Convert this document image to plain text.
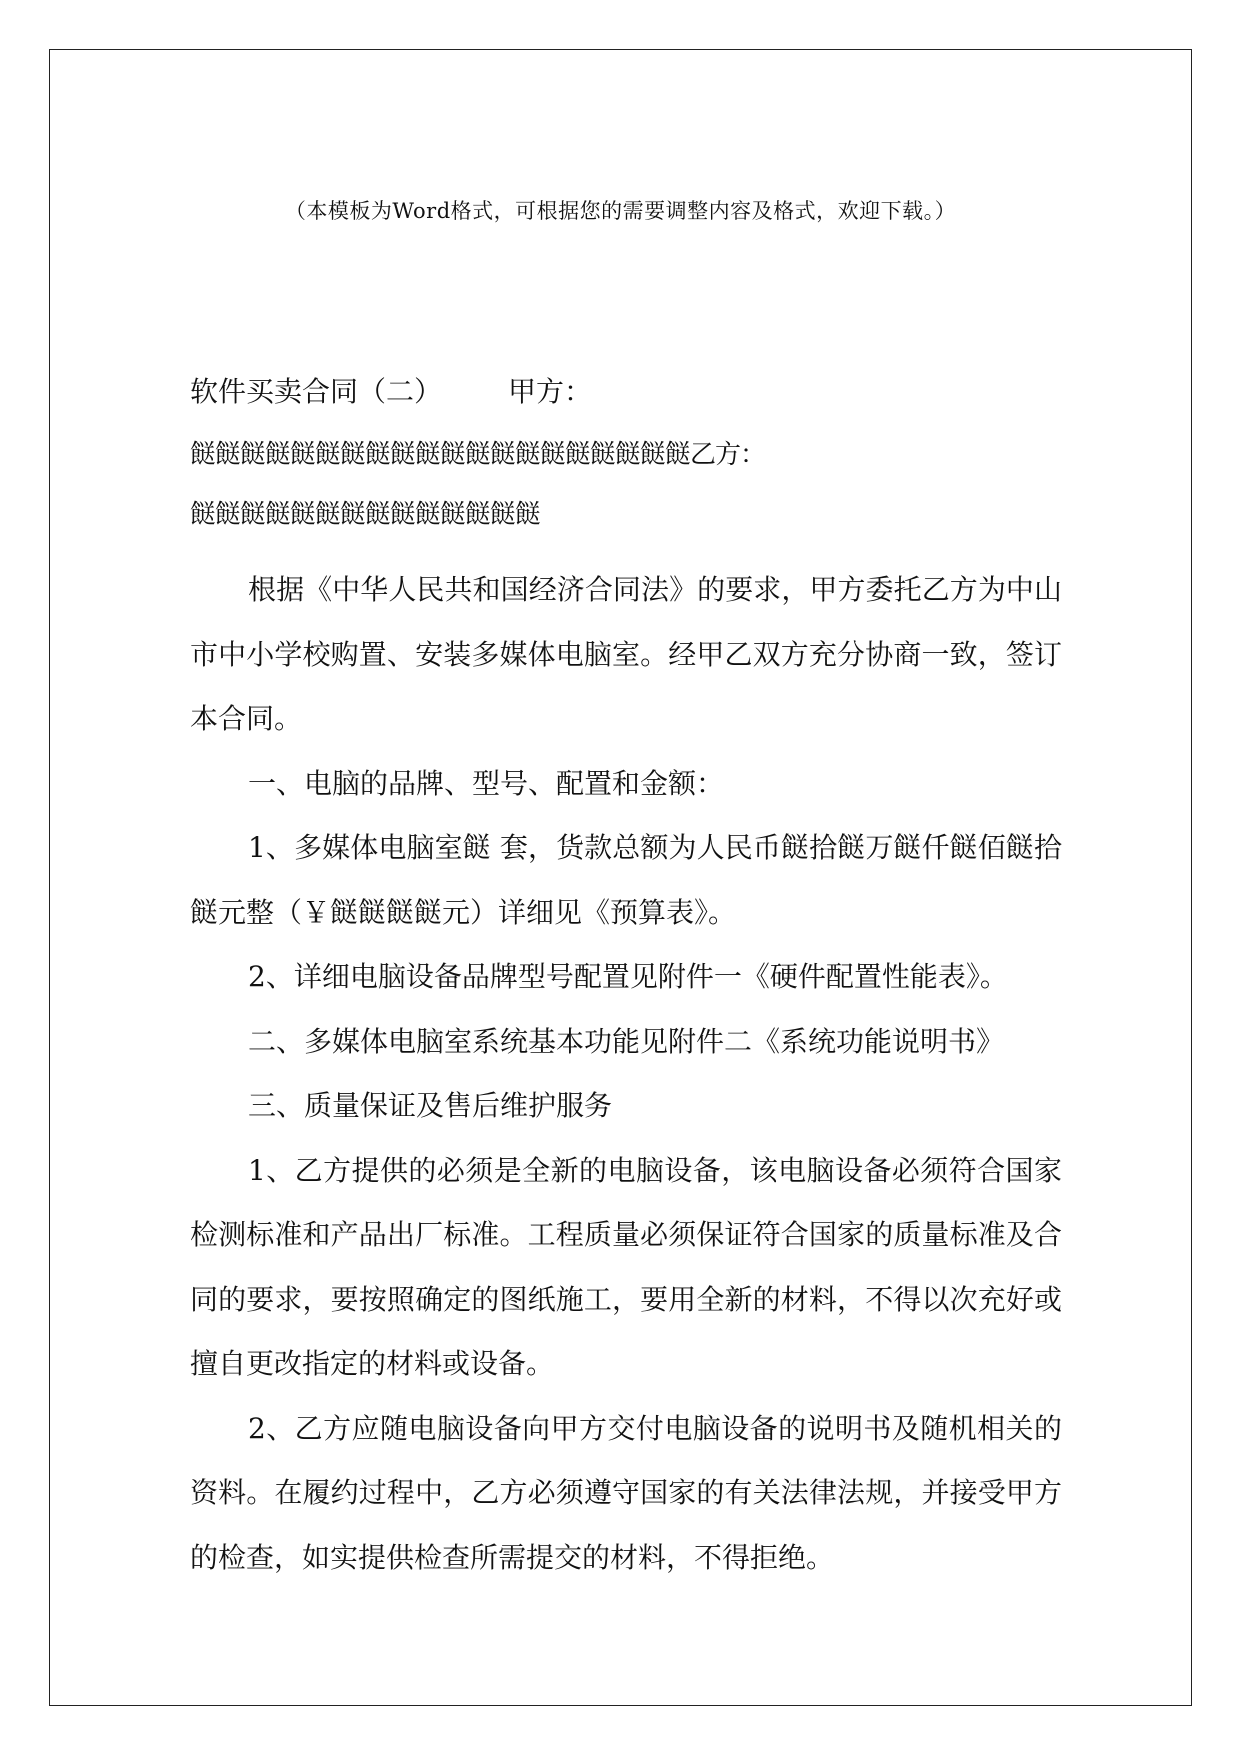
（本模板为Word格式，可根据您的需要调整内容及格式，欢迎下载。）
软件买卖合同（二） 甲方：
餸餸餸餸餸餸餸餸餸餸餸餸餸餸餸餸餸餸餸餸乙方：
餸餸餸餸餸餸餸餸餸餸餸餸餸餸

根据《中华人民共和国经济合同法》的要求，甲方委托乙方为中山市中小学校购置、安装多媒体电脑室。经甲乙双方充分协商一致，签订本合同。

一、电脑的品牌、型号、配置和金额：

1、多媒体电脑室餸 套，货款总额为人民币餸拾餸万餸仟餸佰餸拾餸元整（￥餸餸餸餸元）详细见《预算表》。

2、详细电脑设备品牌型号配置见附件一《硬件配置性能表》。

二、多媒体电脑室系统基本功能见附件二《系统功能说明书》

三、质量保证及售后维护服务

1、乙方提供的必须是全新的电脑设备，该电脑设备必须符合国家检测标准和产品出厂标准。工程质量必须保证符合国家的质量标准及合同的要求，要按照确定的图纸施工，要用全新的材料，不得以次充好或擅自更改指定的材料或设备。

2、乙方应随电脑设备向甲方交付电脑设备的说明书及随机相关的资料。在履约过程中，乙方必须遵守国家的有关法律法规，并接受甲方的检查，如实提供检查所需提交的材料，不得拒绝。
